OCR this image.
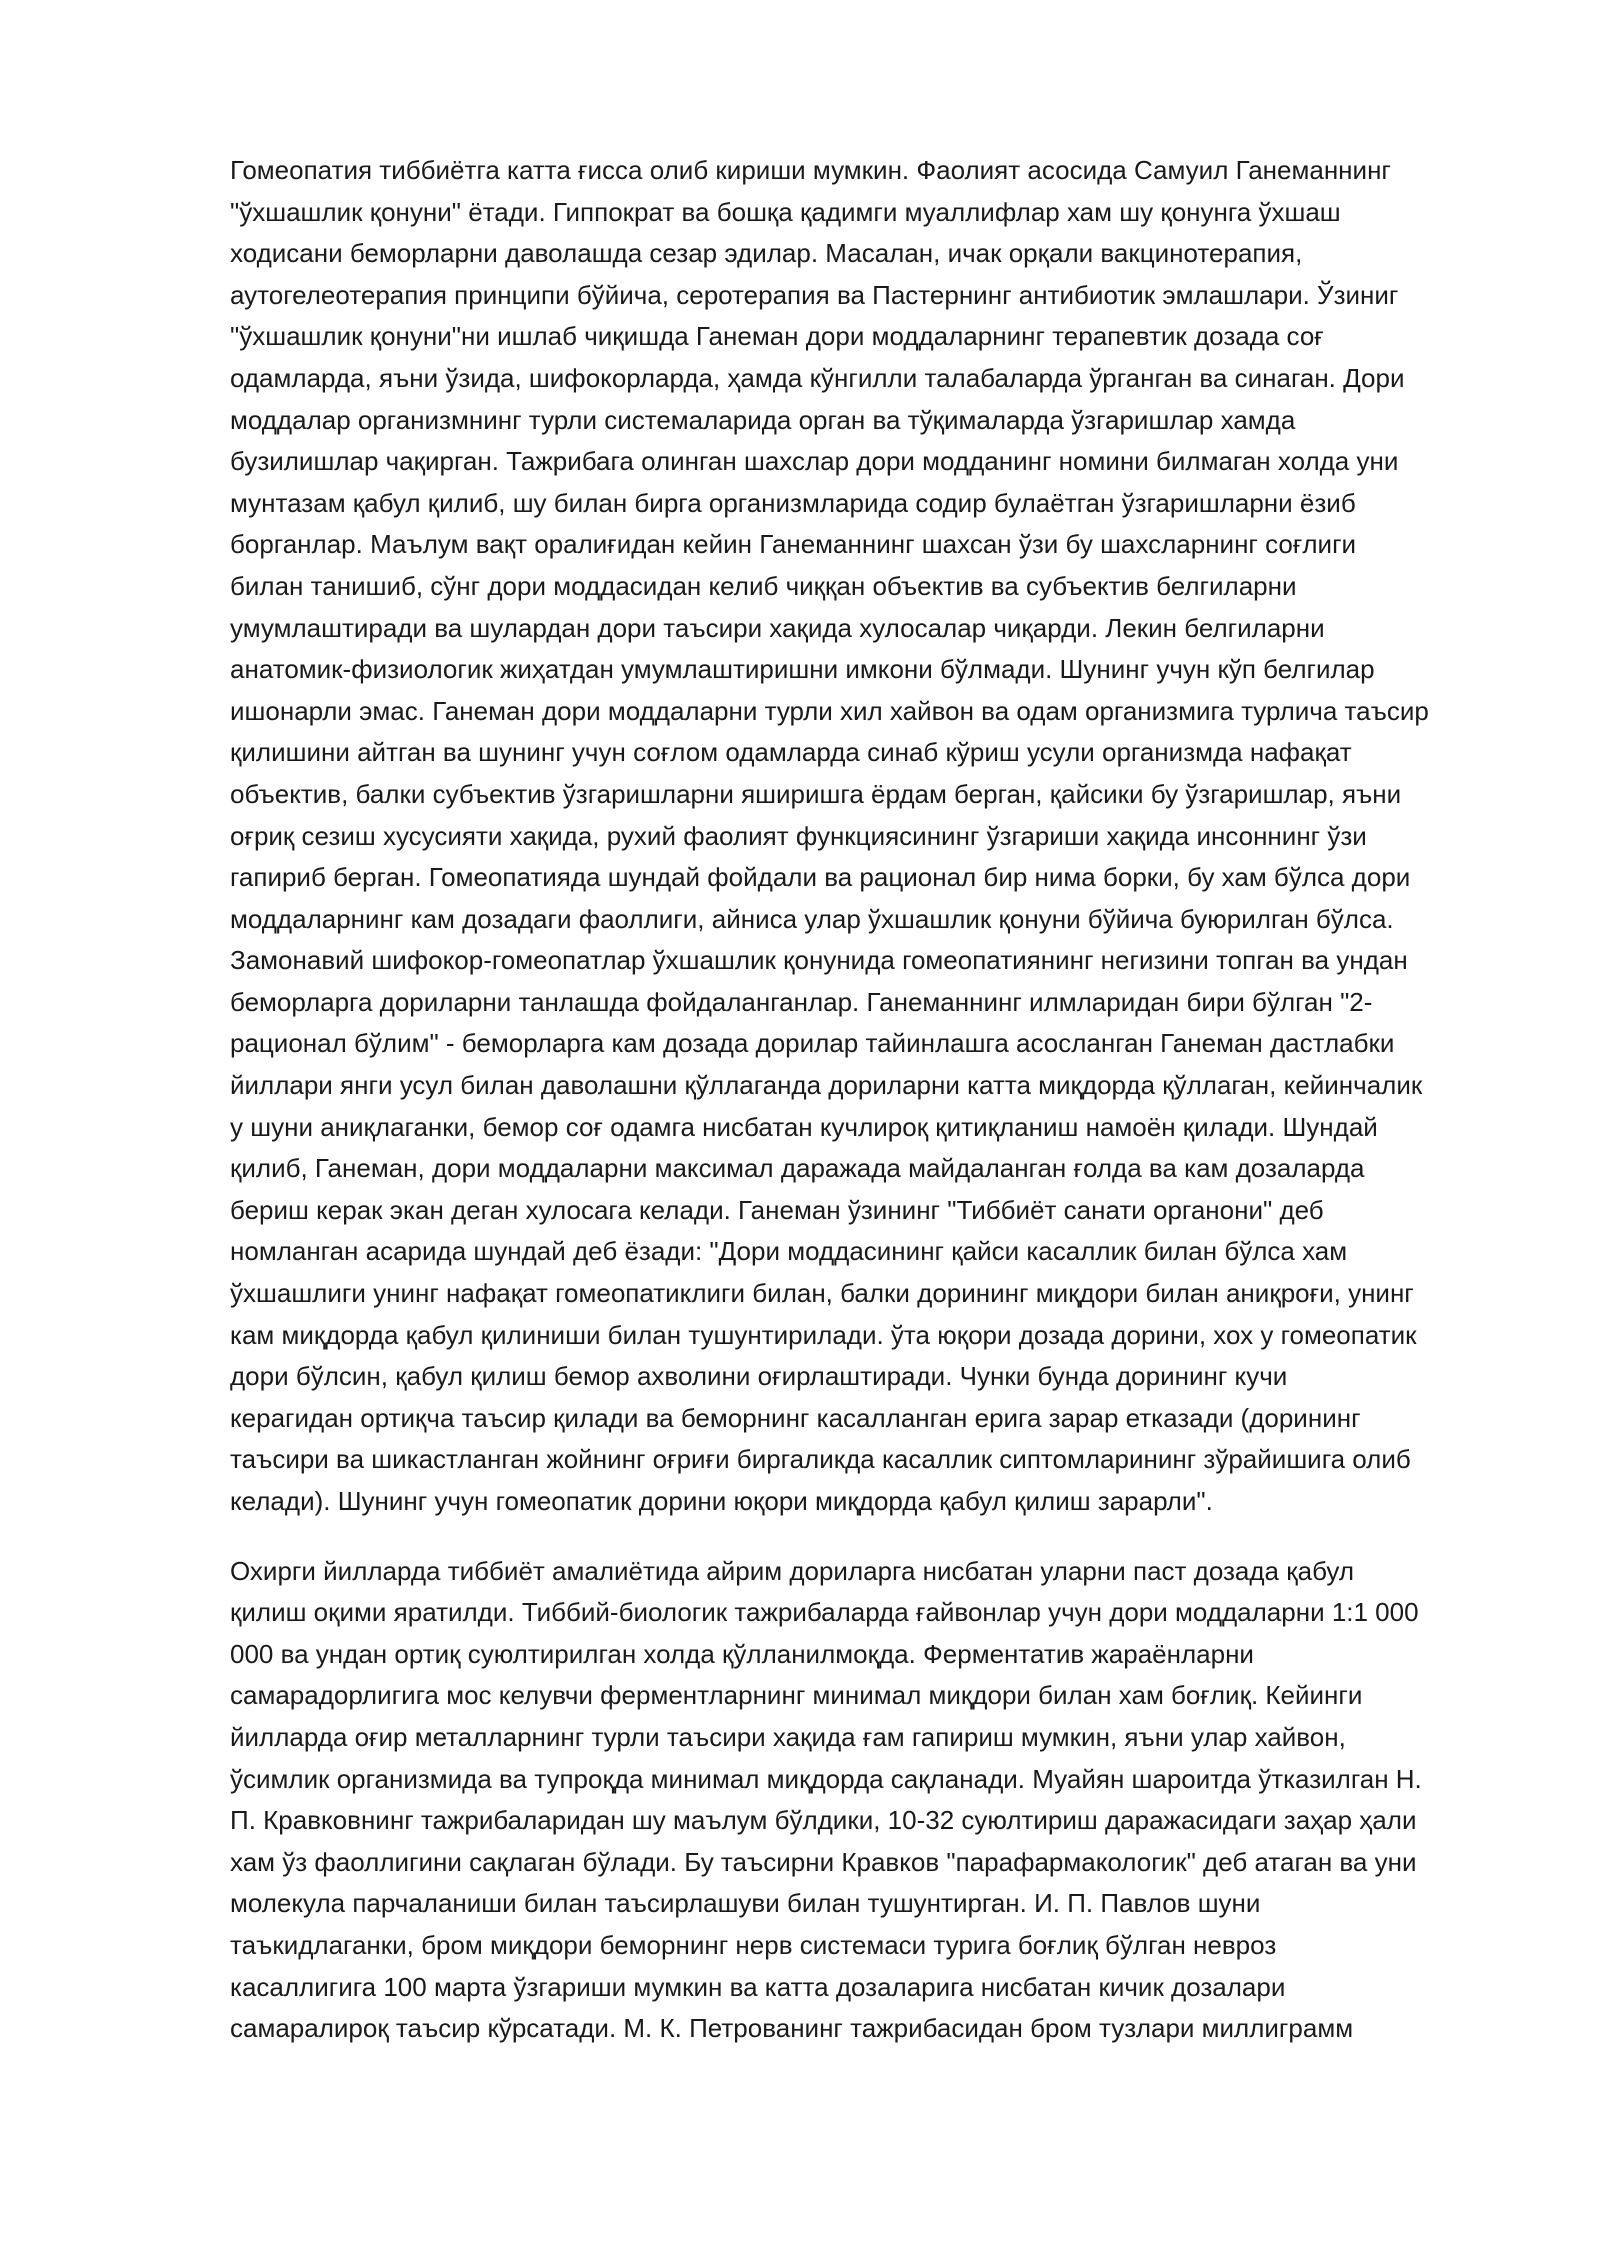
Гомеопатия тиббиётга катта ғисса олиб кириши мумкин. Фаолият асосида Самуил Ганеманнинг
"ўхшашлик қонуни" ётади. Гиппократ ва бошқа қадимги муаллифлар хам шу қонунга ўхшаш
ходисани беморларни даволашда сезар эдилар. Масалан, ичак орқали вакцинотерапия,
аутогелеотерапия принципи бўйича, серотерапия ва Пастернинг антибиотик эмлашлари. Ўзиниг
"ўхшашлик қонуни"ни ишлаб чиқишда Ганеман дори моддаларнинг терапевтик дозада соғ
одамларда, яъни ўзида, шифокорларда, ҳамда кўнгилли талабаларда ўрганган ва синаган. Дори
моддалар организмнинг турли системаларида орган ва тўқималарда ўзгаришлар хамда
бузилишлар чақирган. Тажрибага олинган шахслар дори модданинг номини билмаган холда уни
мунтазам қабул қилиб, шу билан бирга организмларида содир булаётган ўзгаришларни ёзиб
борганлар. Маълум вақт оралиғидан кейин Ганеманнинг шахсан ўзи бу шахсларнинг соғлиги
билан танишиб, сўнг дори моддасидан келиб чиққан объектив ва субъектив белгиларни
умумлаштиради ва шулардан дори таъсири хақида хулосалар чиқарди. Лекин белгиларни
анатомик-физиологик жиҳатдан умумлаштиришни имкони бўлмади. Шунинг учун кўп белгилар
ишонарли эмас. Ганеман дори моддаларни турли хил хайвон ва одам организмига турлича таъсир
қилишини айтган ва шунинг учун соғлом одамларда синаб кўриш усули организмда нафақат
объектив, балки субъектив ўзгаришларни яширишга ёрдам берган, қайсики бу ўзгаришлар, яъни
оғриқ сезиш хусусияти хақида, рухий фаолият функциясининг ўзгариши хақида инсоннинг ўзи
гапириб берган. Гомеопатияда шундай фойдали ва рационал бир нима борки, бу хам бўлса дори
моддаларнинг кам дозадаги фаоллиги, айниса улар ўхшашлик қонуни бўйича буюрилган бўлса.
Замонавий шифокор-гомеопатлар ўхшашлик қонунида гомеопатиянинг негизини топган ва ундан
беморларга дориларни танлашда фойдаланганлар. Ганеманнинг илмларидан бири бўлган "2-
рационал бўлим" - беморларга кам дозада дорилар тайинлашга асосланган Ганеман дастлабки
йиллари янги усул билан даволашни қўллаганда дориларни катта миқдорда қўллаган, кейинчалик
у шуни аниқлаганки, бемор соғ одамга нисбатан кучлироқ қитиқланиш намоён қилади. Шундай
қилиб, Ганеман, дори моддаларни максимал даражада майдаланган ғолда ва кам дозаларда
бериш керак экан деган хулосага келади. Ганеман ўзининг "Тиббиёт санати органони" деб
номланган асарида шундай деб ёзади: "Дори моддасининг қайси касаллик билан бўлса хам
ўхшашлиги унинг нафақат гомеопатиклиги билан, балки дорининг миқдори билан аниқроғи, унинг
кам миқдорда қабул қилиниши билан тушунтирилади. ўта юқори дозада дорини, хох у гомеопатик
дори бўлсин, қабул қилиш бемор ахволини оғирлаштиради. Чунки бунда дорининг кучи
керагидан ортиқча таъсир қилади ва беморнинг касалланган ерига зарар етказади (дорининг
таъсири ва шикастланган жойнинг оғриғи биргаликда касаллик сиптомларининг зўрайишига олиб
келади). Шунинг учун гомеопатик дорини юқори миқдорда қабул қилиш зарарли".
Охирги йилларда тиббиёт амалиётида айрим дориларга нисбатан уларни паст дозада қабул
қилиш оқими яратилди. Тиббий-биологик тажрибаларда ғайвонлар учун дори моддаларни 1:1 000
000 ва ундан ортиқ суюлтирилган холда қўлланилмоқда. Ферментатив жараёнларни
самарадорлигига мос келувчи ферментларнинг минимал миқдори билан хам боғлиқ. Кейинги
йилларда оғир металларнинг турли таъсири хақида ғам гапириш мумкин, яъни улар хайвон,
ўсимлик организмида ва тупроқда минимал миқдорда сақланади. Муайян шароитда ўтказилган Н.
П. Кравковнинг тажрибаларидан шу маълум бўлдики, 10-32 суюлтириш даражасидаги заҳар ҳали
хам ўз фаоллигини сақлаган бўлади. Бу таъсирни Кравков "парафармакологик" деб атаган ва уни
молекула парчаланиши билан таъсирлашуви билан тушунтирган. И. П. Павлов шуни
таъкидлаганки, бром миқдори беморнинг нерв системаси турига боғлиқ бўлган невроз
касаллигига 100 марта ўзгариши мумкин ва катта дозаларига нисбатан кичик дозалари
самаралироқ таъсир кўрсатади. М. К. Петрованинг тажрибасидан бром тузлари миллиграмм
